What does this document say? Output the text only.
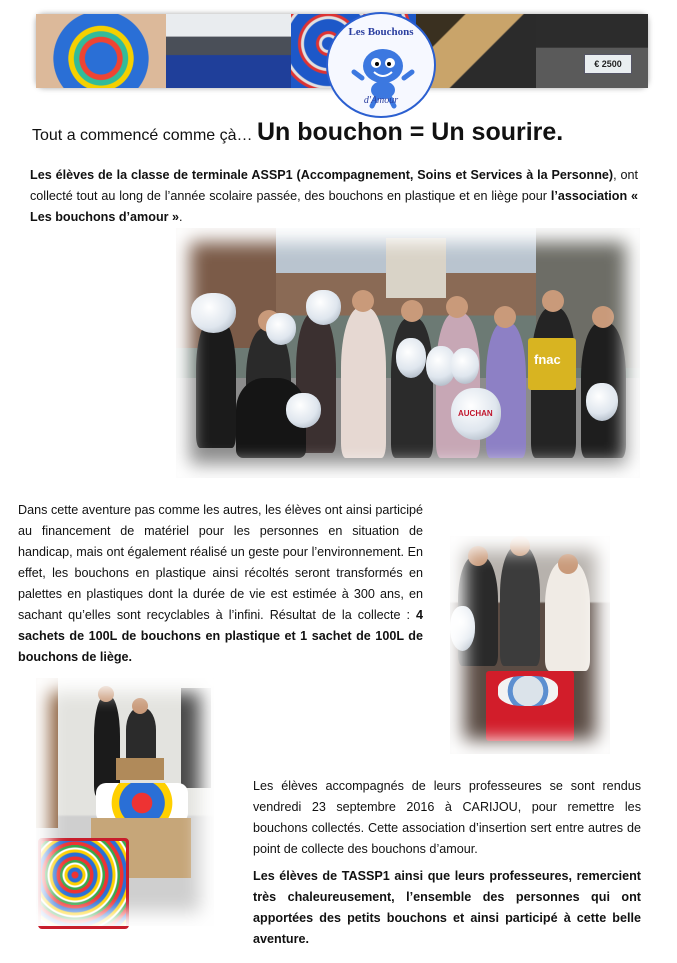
Les Bouchons
d'Amour
€ 2500
Tout a commencé comme çà… Un bouchon = Un sourire.

Les élèves de la classe de terminale ASSP1 (Accompagnement, Soins et Services à la Personne), ont collecté tout au long de l’année scolaire passée, des bouchons en plastique et en liège pour l’association « Les bouchons d’amour ».

fnac
AUCHAN

Dans cette aventure pas comme les autres, les élèves ont ainsi participé au financement de matériel pour les personnes en situation de handicap, mais ont également réalisé un geste pour l’environnement. En effet, les bouchons en plastique ainsi récoltés seront transformés en palettes en plastiques dont la durée de vie est estimée à 300 ans, en sachant qu’elles sont recyclables à l’infini. Résultat de la collecte : 4 sachets de 100L de bouchons en plastique et 1 sachet de 100L de bouchons de liège.

Les élèves accompagnés de leurs professeures se sont rendus vendredi 23 septembre 2016 à CARIJOU, pour remettre les bouchons collectés. Cette association d’insertion sert entre autres de point de collecte des bouchons d’amour.

Les élèves de TASSP1 ainsi que leurs professeures, remercient très chaleureusement, l’ensemble des personnes qui ont apportées des petits bouchons et ainsi participé à cette belle aventure.
